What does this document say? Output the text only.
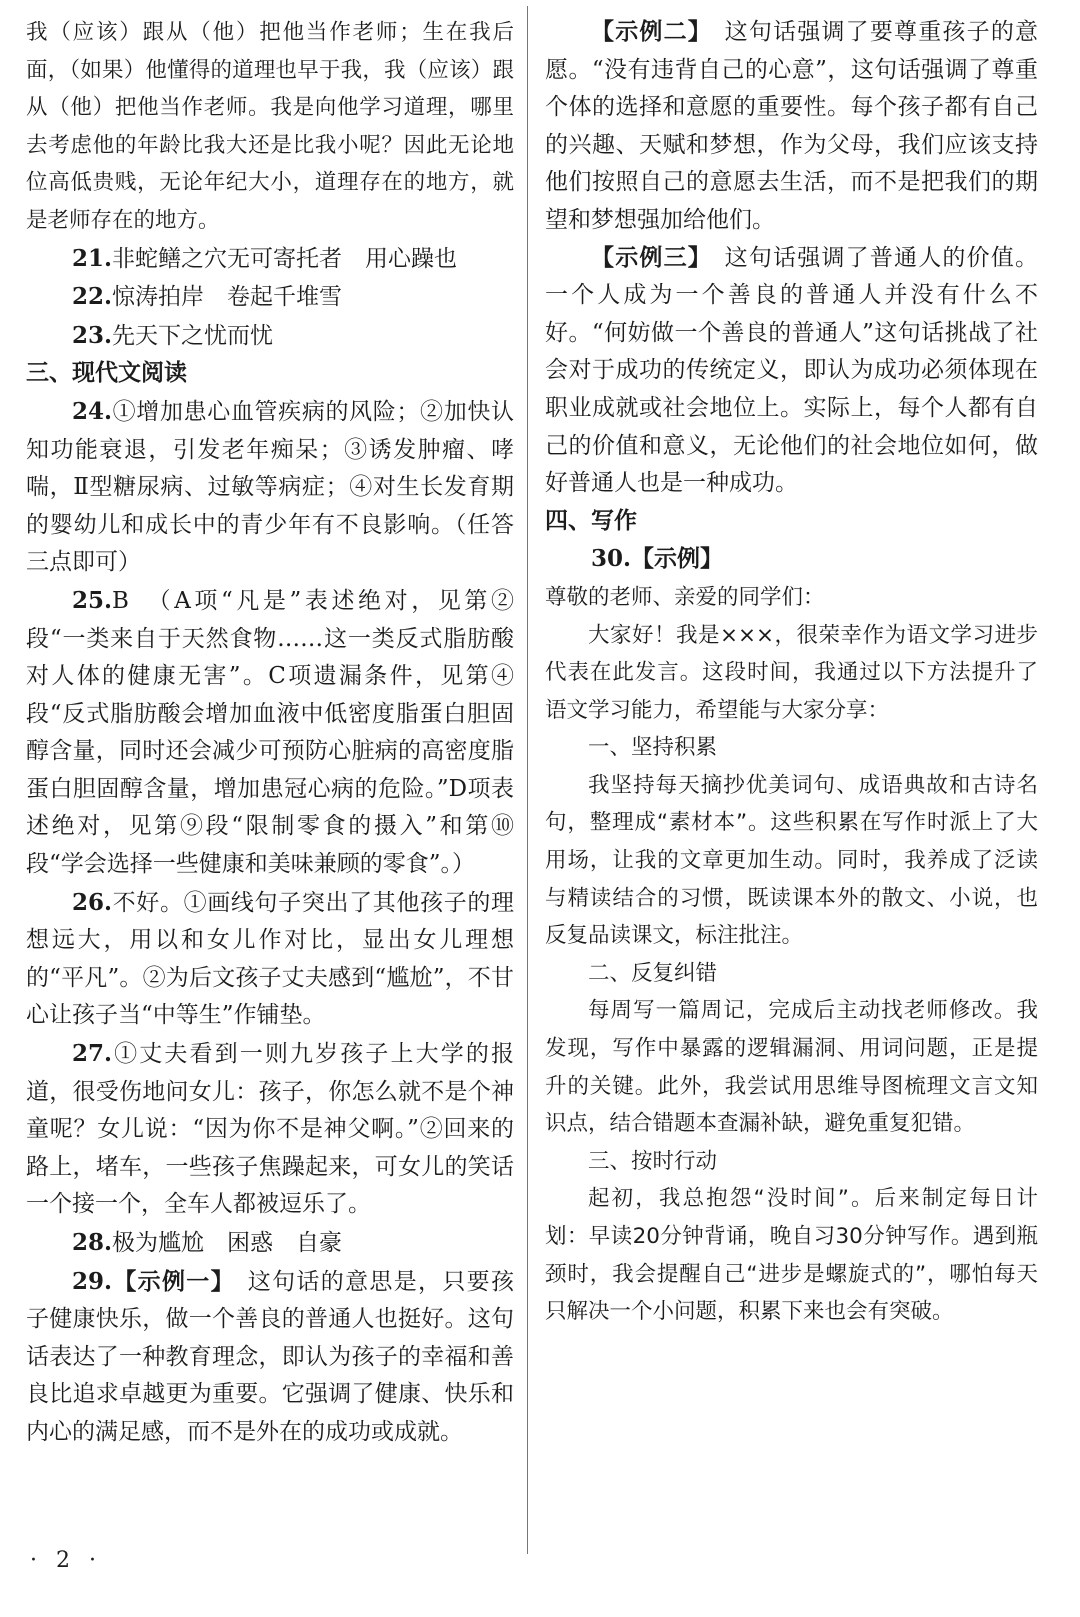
我（应该）跟从（他）把他当作老师；生在我后面，（如果）他懂得的道理也早于我，我（应该）跟从（他）把他当作老师。我是向他学习道理，哪里去考虑他的年龄比我大还是比我小呢？因此无论地位高低贵贱，无论年纪大小，道理存在的地方，就是老师存在的地方。

21.非蛇鳝之穴无可寄托者　用心躁也

22.惊涛拍岸　卷起千堆雪

23.先天下之忧而忧

三、现代文阅读

24.①增加患心血管疾病的风险；②加快认知功能衰退，引发老年痴呆；③诱发肿瘤、哮喘，Ⅱ型糖尿病、过敏等病症；④对生长发育期的婴幼儿和成长中的青少年有不良影响。（任答三点即可）

25.B　（A项“凡是”表述绝对，见第②段“一类来自于天然食物……这一类反式脂肪酸对人体的健康无害”。C项遗漏条件，见第④段“反式脂肪酸会增加血液中低密度脂蛋白胆固醇含量，同时还会减少可预防心脏病的高密度脂蛋白胆固醇含量，增加患冠心病的危险。”D项表述绝对，见第⑨段“限制零食的摄入”和第⑩段“学会选择一些健康和美味兼顾的零食”。）

26.不好。①画线句子突出了其他孩子的理想远大，用以和女儿作对比，显出女儿理想的“平凡”。②为后文孩子丈夫感到“尴尬”，不甘心让孩子当“中等生”作铺垫。

27.①丈夫看到一则九岁孩子上大学的报道，很受伤地问女儿：孩子，你怎么就不是个神童呢？女儿说：“因为你不是神父啊。”②回来的路上，堵车，一些孩子焦躁起来，可女儿的笑话一个接一个，全车人都被逗乐了。

28.极为尴尬　困惑　自豪

29.【示例一】　这句话的意思是，只要孩子健康快乐，做一个善良的普通人也挺好。这句话表达了一种教育理念，即认为孩子的幸福和善良比追求卓越更为重要。它强调了健康、快乐和内心的满足感，而不是外在的成功或成就。

【示例二】　这句话强调了要尊重孩子的意愿。“没有违背自己的心意”，这句话强调了尊重个体的选择和意愿的重要性。每个孩子都有自己的兴趣、天赋和梦想，作为父母，我们应该支持他们按照自己的意愿去生活，而不是把我们的期望和梦想强加给他们。

【示例三】　这句话强调了普通人的价值。一个人成为一个善良的普通人并没有什么不好。“何妨做一个善良的普通人”这句话挑战了社会对于成功的传统定义，即认为成功必须体现在职业成就或社会地位上。实际上，每个人都有自己的价值和意义，无论他们的社会地位如何，做好普通人也是一种成功。

四、写作

30.【示例】

尊敬的老师、亲爱的同学们：

大家好！我是×××，很荣幸作为语文学习进步代表在此发言。这段时间，我通过以下方法提升了语文学习能力，希望能与大家分享：

一、坚持积累

我坚持每天摘抄优美词句、成语典故和古诗名句，整理成“素材本”。这些积累在写作时派上了大用场，让我的文章更加生动。同时，我养成了泛读与精读结合的习惯，既读课本外的散文、小说，也反复品读课文，标注批注。

二、反复纠错

每周写一篇周记，完成后主动找老师修改。我发现，写作中暴露的逻辑漏洞、用词问题，正是提升的关键。此外，我尝试用思维导图梳理文言文知识点，结合错题本查漏补缺，避免重复犯错。

三、按时行动

起初，我总抱怨“没时间”。后来制定每日计划：早读20分钟背诵，晚自习30分钟写作。遇到瓶颈时，我会提醒自己“进步是螺旋式的”，哪怕每天只解决一个小问题，积累下来也会有突破。

· 2 ·
